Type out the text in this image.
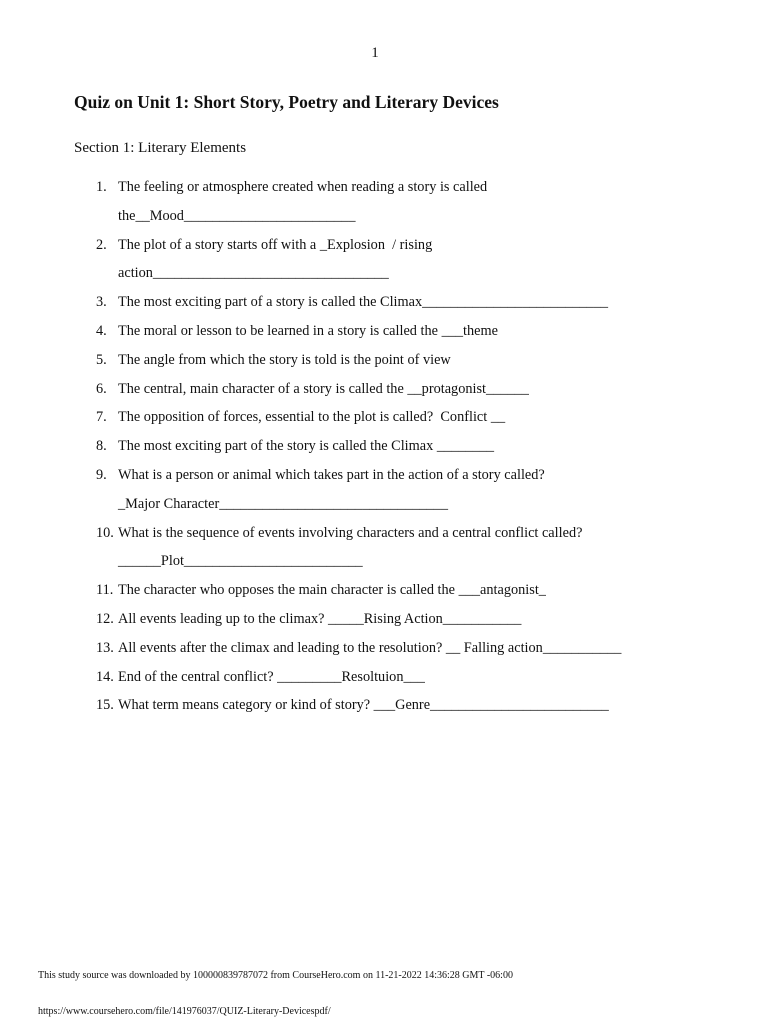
1
Quiz on Unit 1: Short Story, Poetry and Literary Devices
Section 1: Literary Elements
1. The feeling or atmosphere created when reading a story is called
the__Mood________________________
2. The plot of a story starts off with a _Explosion  / rising
action_________________________________
3. The most exciting part of a story is called the Climax__________________________
4. The moral or lesson to be learned in a story is called the ___theme
5. The angle from which the story is told is the point of view
6. The central, main character of a story is called the __protagonist______
7. The opposition of forces, essential to the plot is called?  Conflict __
8. The most exciting part of the story is called the Climax ________
9. What is a person or animal which takes part in the action of a story called?
_Major Character________________________________
10. What is the sequence of events involving characters and a central conflict called?
______Plot_________________________
11. The character who opposes the main character is called the ___antagonist_
12. All events leading up to the climax? _____Rising Action___________
13. All events after the climax and leading to the resolution? __ Falling action___________
14. End of the central conflict? _________Resoltuion___
15. What term means category or kind of story? ___Genre_________________________
This study source was downloaded by 100000839787072 from CourseHero.com on 11-21-2022 14:36:28 GMT -06:00
https://www.coursehero.com/file/141976037/QUIZ-Literary-Devicespdf/
